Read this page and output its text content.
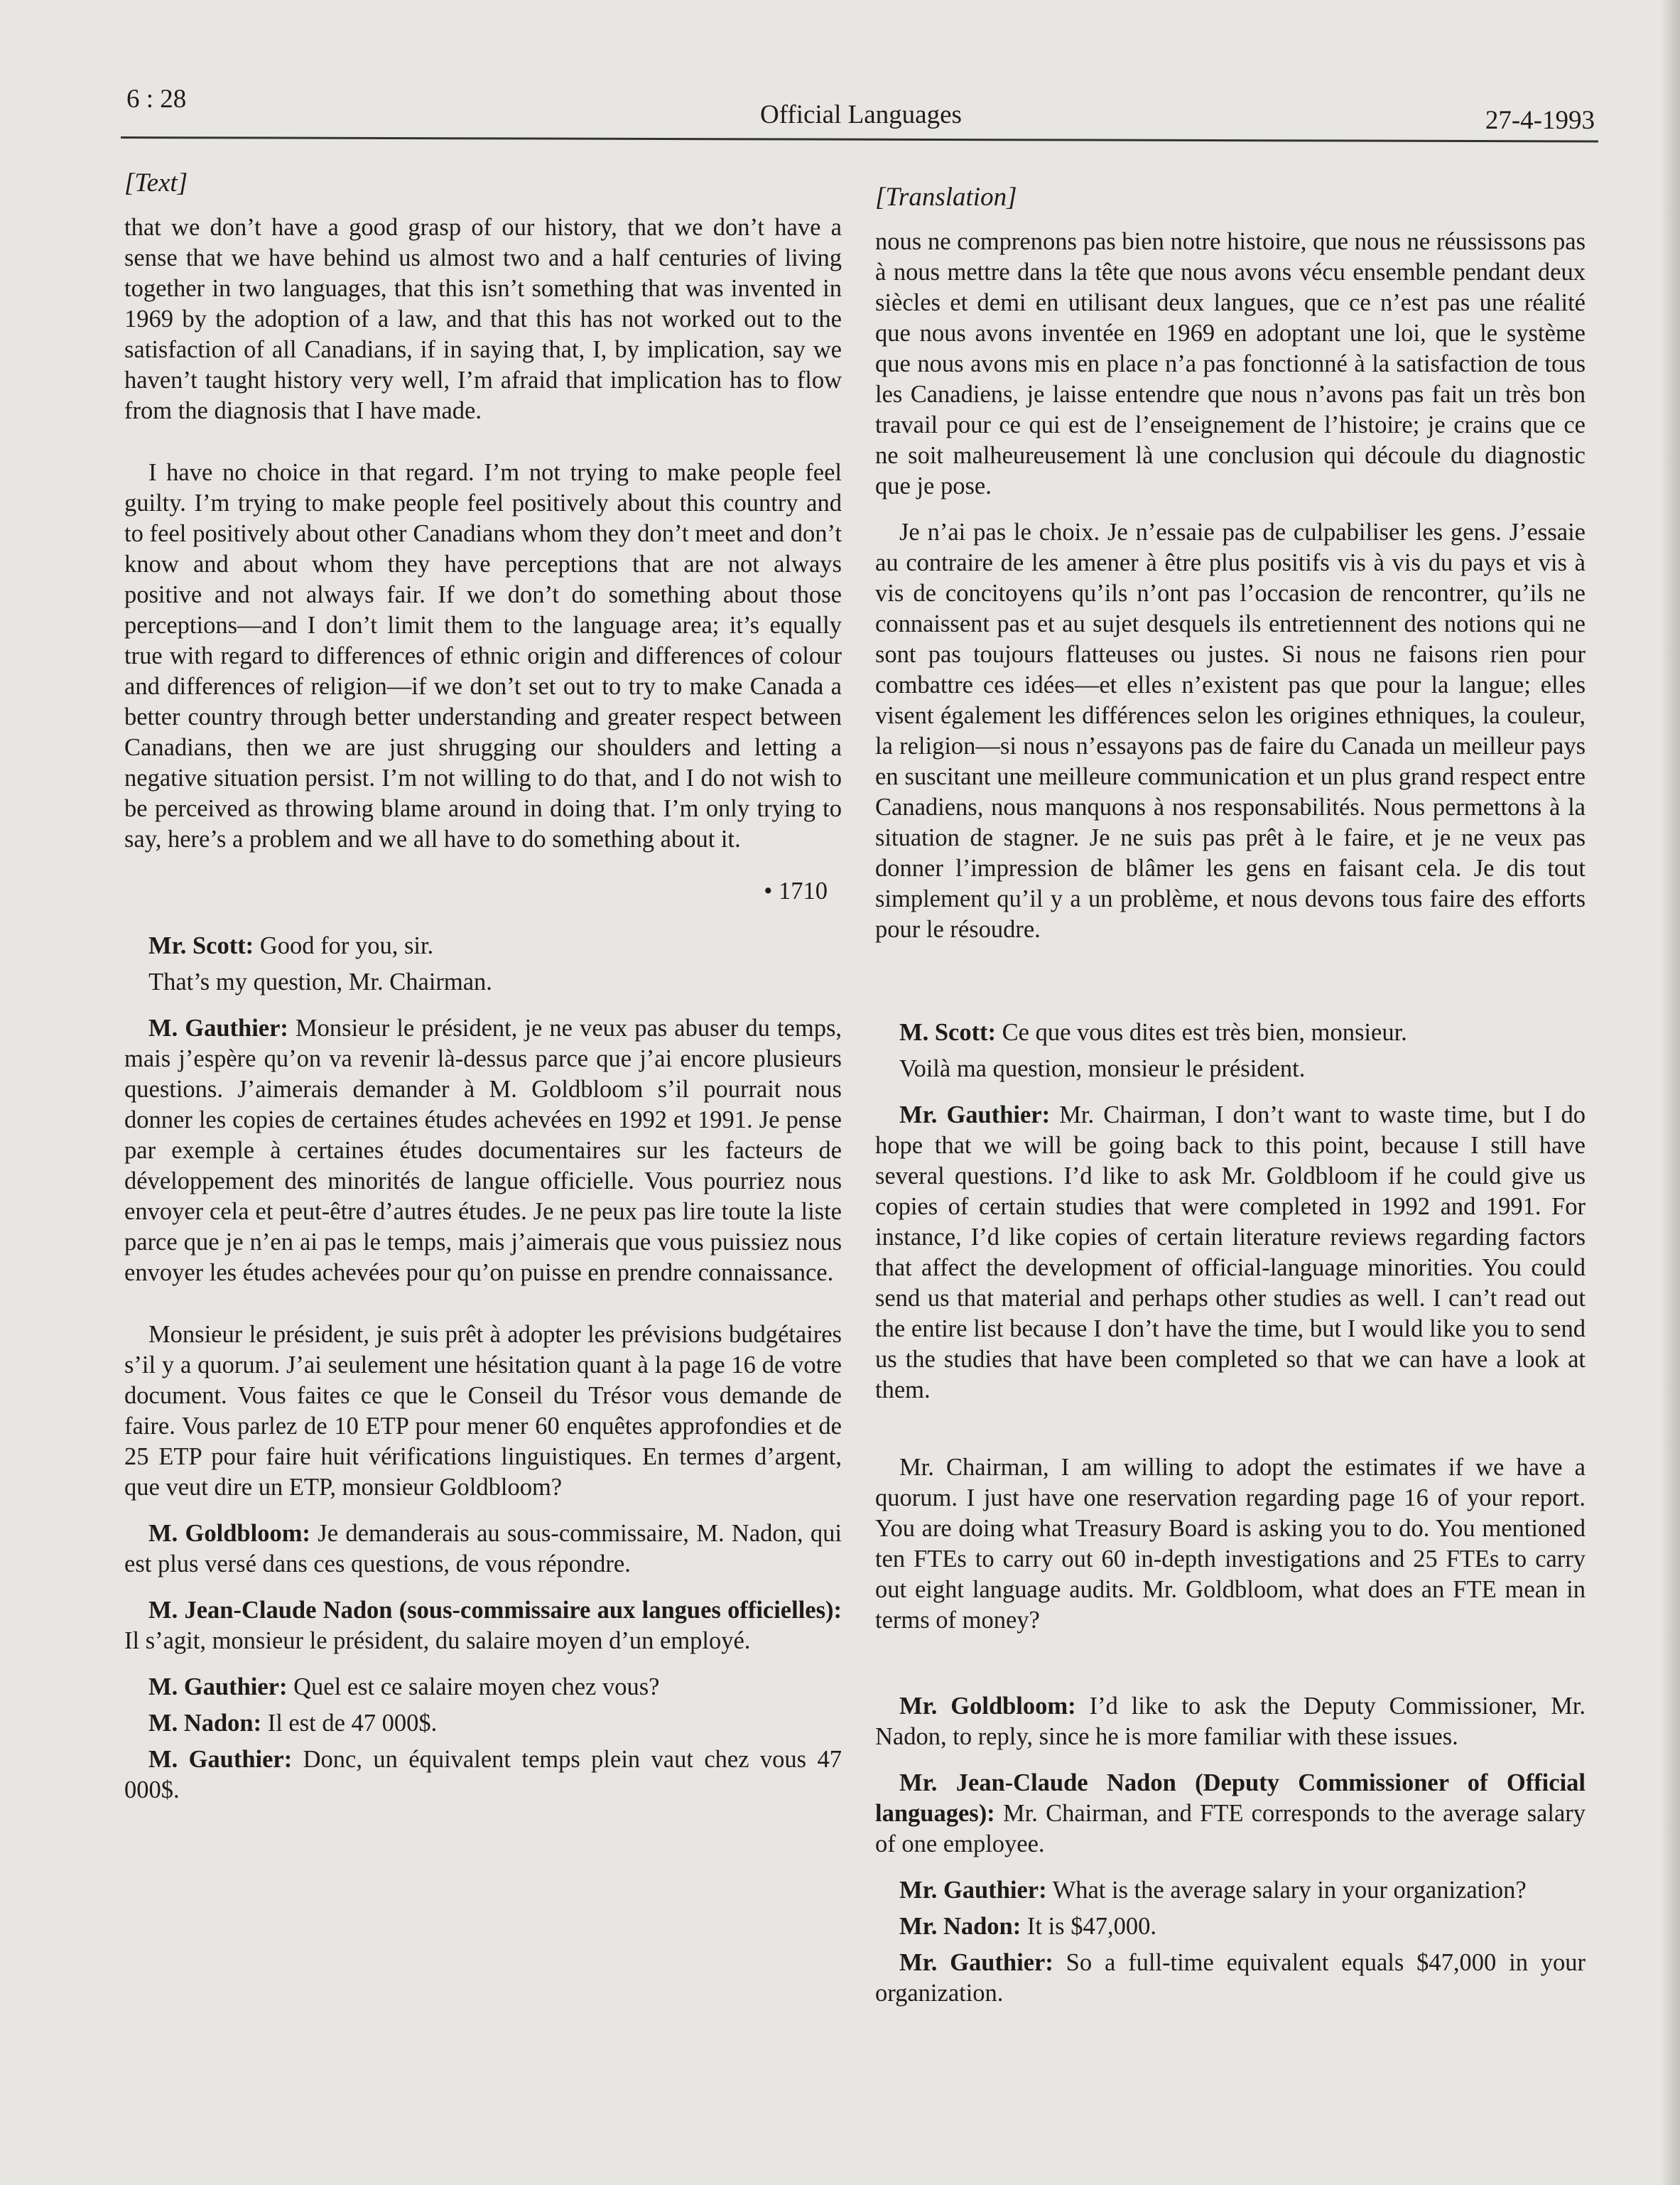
6 : 28
Official Languages	27-4-1993
[Text]

that we don’t have a good grasp of our history, that we don’t have a sense that we have behind us almost two and a half centuries of living together in two languages, that this isn’t something that was invented in 1969 by the adoption of a law, and that this has not worked out to the satisfaction of all Canadians, if in saying that, I, by implication, say we haven’t taught history very well, I’m afraid that implication has to flow from the diagnosis that I have made.

I have no choice in that regard. I’m not trying to make people feel guilty. I’m trying to make people feel positively about this country and to feel positively about other Canadians whom they don’t meet and don’t know and about whom they have perceptions that are not always positive and not always fair. If we don’t do something about those perceptions—and I don’t limit them to the language area; it’s equally true with regard to differences of ethnic origin and differences of colour and differences of religion—if we don’t set out to try to make Canada a better country through better understanding and greater respect between Canadians, then we are just shrugging our shoulders and letting a negative situation persist. I’m not willing to do that, and I do not wish to be perceived as throwing blame around in doing that. I’m only trying to say, here’s a problem and we all have to do something about it.

• 1710

Mr. Scott: Good for you, sir.

That’s my question, Mr. Chairman.

M. Gauthier: Monsieur le président, je ne veux pas abuser du temps, mais j’espère qu’on va revenir là-dessus parce que j’ai encore plusieurs questions. J’aimerais demander à M. Goldbloom s’il pourrait nous donner les copies de certaines études achevées en 1992 et 1991. Je pense par exemple à certaines études documentaires sur les facteurs de développement des minorités de langue officielle. Vous pourriez nous envoyer cela et peut-être d’autres études. Je ne peux pas lire toute la liste parce que je n’en ai pas le temps, mais j’aimerais que vous puissiez nous envoyer les études achevées pour qu’on puisse en prendre connaissance.

Monsieur le président, je suis prêt à adopter les prévisions budgétaires s’il y a quorum. J’ai seulement une hésitation quant à la page 16 de votre document. Vous faites ce que le Conseil du Trésor vous demande de faire. Vous parlez de 10 ETP pour mener 60 enquêtes approfondies et de 25 ETP pour faire huit vérifications linguistiques. En termes d’argent, que veut dire un ETP, monsieur Goldbloom?

M. Goldbloom: Je demanderais au sous-commissaire, M. Nadon, qui est plus versé dans ces questions, de vous répondre.

M. Jean-Claude Nadon (sous-commissaire aux langues officielles): Il s’agit, monsieur le président, du salaire moyen d’un employé.

M. Gauthier: Quel est ce salaire moyen chez vous?

M. Nadon: Il est de 47 000$.

M. Gauthier: Donc, un équivalent temps plein vaut chez vous 47 000$.

[Translation]

nous ne comprenons pas bien notre histoire, que nous ne réussissons pas à nous mettre dans la tête que nous avons vécu ensemble pendant deux siècles et demi en utilisant deux langues, que ce n’est pas une réalité que nous avons inventée en 1969 en adoptant une loi, que le système que nous avons mis en place n’a pas fonctionné à la satisfaction de tous les Canadiens, je laisse entendre que nous n’avons pas fait un très bon travail pour ce qui est de l’enseignement de l’histoire; je crains que ce ne soit malheureusement là une conclusion qui découle du diagnostic que je pose.

Je n’ai pas le choix. Je n’essaie pas de culpabiliser les gens. J’essaie au contraire de les amener à être plus positifs vis à vis du pays et vis à vis de concitoyens qu’ils n’ont pas l’occasion de rencontrer, qu’ils ne connaissent pas et au sujet desquels ils entretiennent des notions qui ne sont pas toujours flatteuses ou justes. Si nous ne faisons rien pour combattre ces idées—et elles n’existent pas que pour la langue; elles visent également les différences selon les origines ethniques, la couleur, la religion—si nous n’essayons pas de faire du Canada un meilleur pays en suscitant une meilleure communication et un plus grand respect entre Canadiens, nous manquons à nos responsabilités. Nous permettons à la situation de stagner. Je ne suis pas prêt à le faire, et je ne veux pas donner l’impression de blâmer les gens en faisant cela. Je dis tout simplement qu’il y a un problème, et nous devons tous faire des efforts pour le résoudre.

M. Scott: Ce que vous dites est très bien, monsieur.

Voilà ma question, monsieur le président.

Mr. Gauthier: Mr. Chairman, I don’t want to waste time, but I do hope that we will be going back to this point, because I still have several questions. I’d like to ask Mr. Goldbloom if he could give us copies of certain studies that were completed in 1992 and 1991. For instance, I’d like copies of certain literature reviews regarding factors that affect the development of official-language minorities. You could send us that material and perhaps other studies as well. I can’t read out the entire list because I don’t have the time, but I would like you to send us the studies that have been completed so that we can have a look at them.

Mr. Chairman, I am willing to adopt the estimates if we have a quorum. I just have one reservation regarding page 16 of your report. You are doing what Treasury Board is asking you to do. You mentioned ten FTEs to carry out 60 in-depth investigations and 25 FTEs to carry out eight language audits. Mr. Goldbloom, what does an FTE mean in terms of money?

Mr. Goldbloom: I’d like to ask the Deputy Commissioner, Mr. Nadon, to reply, since he is more familiar with these issues.

Mr. Jean-Claude Nadon (Deputy Commissioner of Official languages): Mr. Chairman, and FTE corresponds to the average salary of one employee.

Mr. Gauthier: What is the average salary in your organization?

Mr. Nadon: It is $47,000.

Mr. Gauthier: So a full-time equivalent equals $47,000 in your organization.
